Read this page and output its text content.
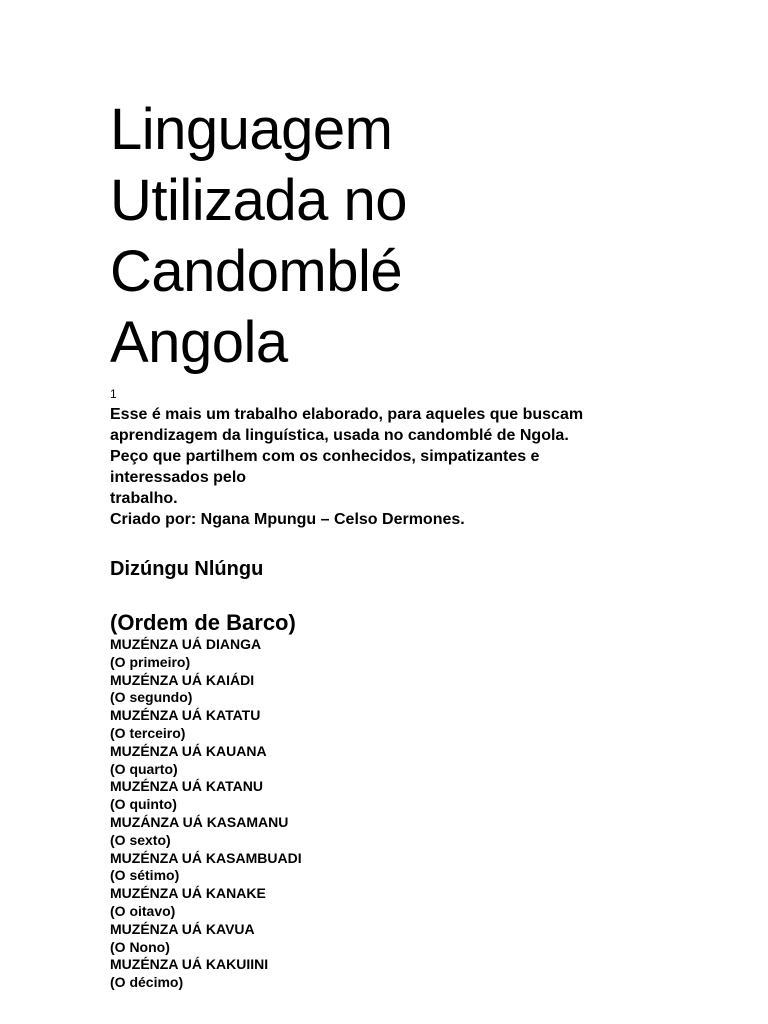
Linguagem
Utilizada no
Candomblé
Angola
1
Esse é mais um trabalho elaborado, para aqueles que buscam
aprendizagem da linguística, usada no candomblé de Ngola.
Peço que partilhem com os conhecidos, simpatizantes e
interessados pelo
trabalho.
Criado por: Ngana Mpungu – Celso Dermones.
Dizúngu Nlúngu
(Ordem de Barco)
MUZÉNZA UÁ DIANGA
(O primeiro)
MUZÉNZA UÁ KAIÁDI
(O segundo)
MUZÉNZA UÁ KATATU
(O terceiro)
MUZÉNZA UÁ KAUANA
(O quarto)
MUZÉNZA UÁ KATANU
(O quinto)
MUZÁNZA UÁ KASAMANU
(O sexto)
MUZÉNZA UÁ KASAMBUADI
(O sétimo)
MUZÉNZA UÁ KANAKE
(O oitavo)
MUZÉNZA UÁ KAVUA
(O Nono)
MUZÉNZA UÁ KAKUIINI
(O décimo)
